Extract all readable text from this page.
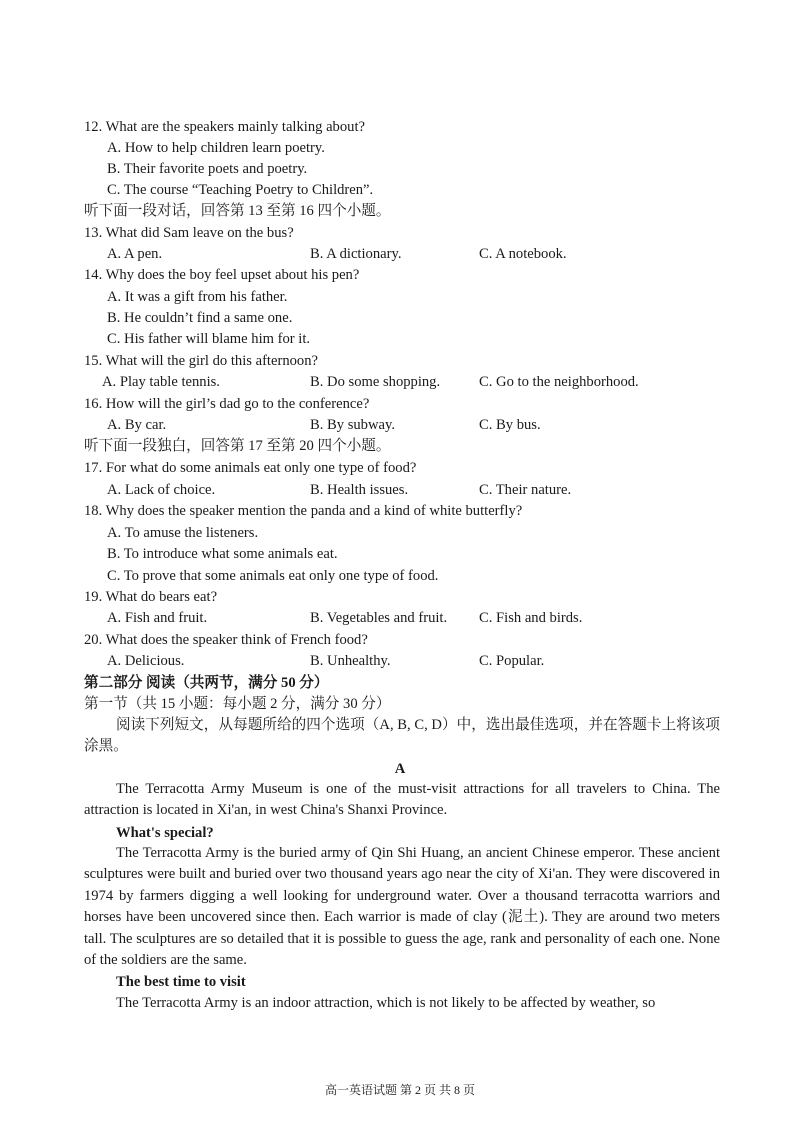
12. What are the speakers mainly talking about?
A. How to help children learn poetry.
B. Their favorite poets and poetry.
C. The course “Teaching Poetry to Children”.
听下面一段对话，回答第 13 至第 16 四个小题。
13. What did Sam leave on the bus?
A. A pen.	B. A dictionary.	C. A notebook.
14. Why does the boy feel upset about his pen?
A. It was a gift from his father.
B. He couldn’t find a same one.
C. His father will blame him for it.
15. What will the girl do this afternoon?
A. Play table tennis.	B. Do some shopping.	C. Go to the neighborhood.
16. How will the girl’s dad go to the conference?
A. By car.	B. By subway.	C. By bus.
听下面一段独白，回答第 17 至第 20 四个小题。
17. For what do some animals eat only one type of food?
A. Lack of choice.	B. Health issues.	C. Their nature.
18. Why does the speaker mention the panda and a kind of white butterfly?
A. To amuse the listeners.
B. To introduce what some animals eat.
C. To prove that some animals eat only one type of food.
19. What do bears eat?
A. Fish and fruit.	B. Vegetables and fruit. C. Fish and birds.
20. What does the speaker think of French food?
A. Delicious.	B. Unhealthy.	C. Popular.
第二部分 阅读（共两节，满分 50 分）
第一节（共 15 小题：每小题 2 分，满分 30 分）

阅读下列短文，从每题所给的四个选项（A, B, C, D）中，选出最佳选项，并在答题卡上将该项涂黑。

A

The Terracotta Army Museum is one of the must-visit attractions for all travelers to China. The attraction is located in Xi'an, in west China's Shanxi Province.

What's special?

The Terracotta Army is the buried army of Qin Shi Huang, an ancient Chinese emperor. These ancient sculptures were built and buried over two thousand years ago near the city of Xi'an. They were discovered in 1974 by farmers digging a well looking for underground water. Over a thousand terracotta warriors and horses have been uncovered since then. Each warrior is made of clay (泥土). They are around two meters tall. The sculptures are so detailed that it is possible to guess the age, rank and personality of each one. None of the soldiers are the same.

The best time to visit

The Terracotta Army is an indoor attraction, which is not likely to be affected by weather, so

高一英语试题 第 2 页 共 8 页
